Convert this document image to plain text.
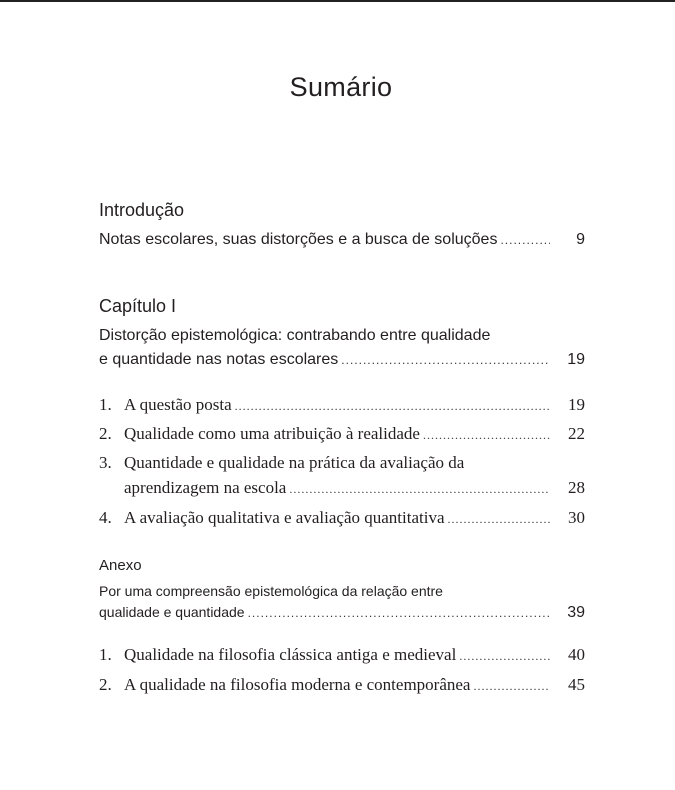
Sumário
Introdução
Notas escolares, suas distorções e a busca de soluções .....	9
Capítulo I
Distorção epistemológica: contrabando entre qualidade
e quantidade nas notas escolares .....	19
1. A questão posta .....	19
2. Qualidade como uma atribuição à realidade .....	22
3. Quantidade e qualidade na prática da avaliação da
aprendizagem na escola .....	28
4. A avaliação qualitativa e avaliação quantitativa .....	30
Anexo
Por uma compreensão epistemológica da relação entre
qualidade e quantidade .....	39
1. Qualidade na filosofia clássica antiga e medieval .....	40
2. A qualidade na filosofia moderna e contemporânea .....	45
